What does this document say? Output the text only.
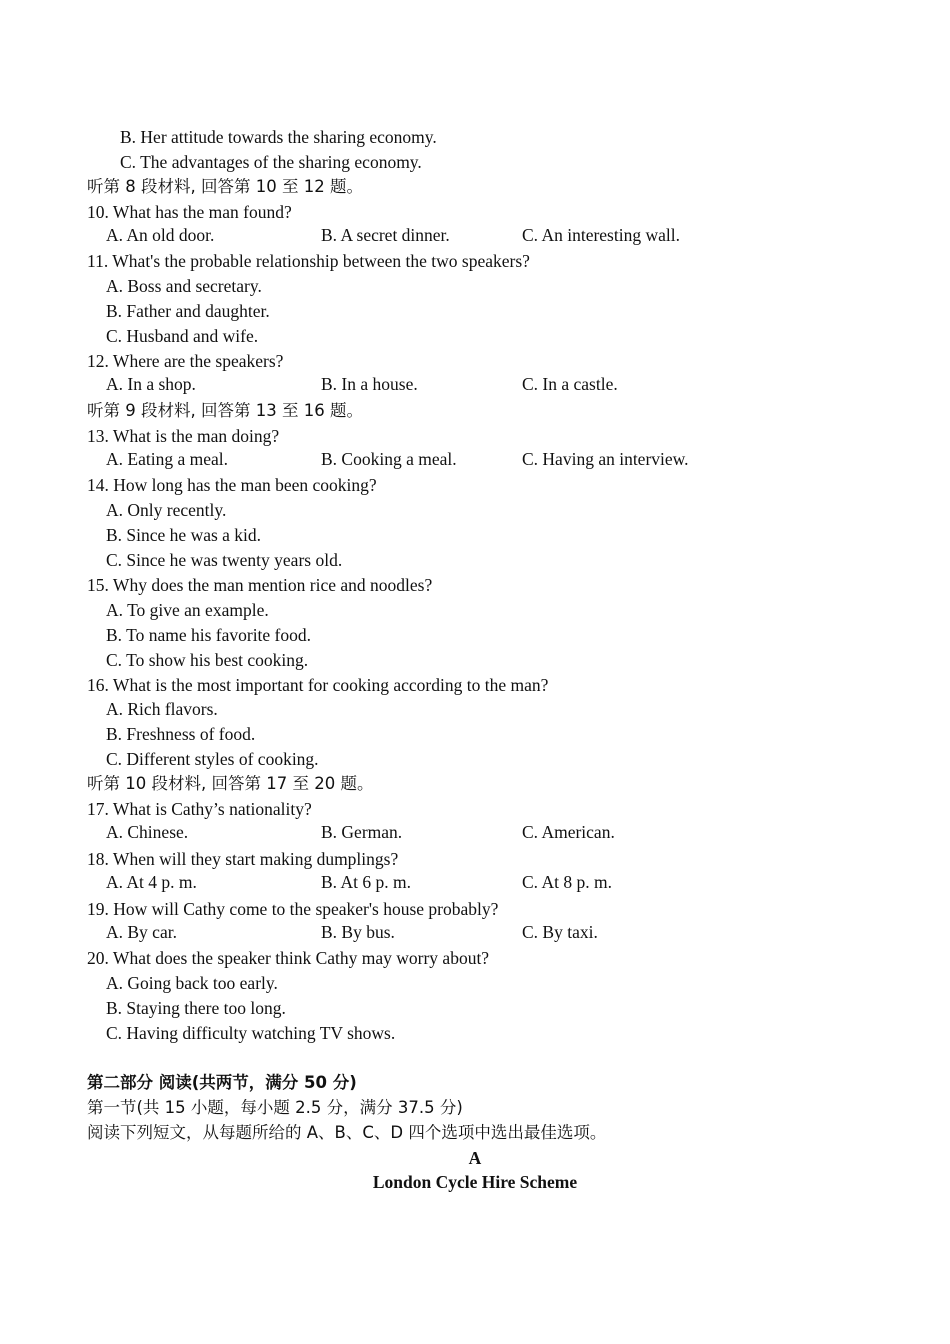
B. Her attitude towards the sharing economy.
C. The advantages of the sharing economy.
听第 8 段材料, 回答第 10 至 12 题。
10. What has the man found?
A. An old door.	B. A secret dinner.	C. An interesting wall.
11. What's the probable relationship between the two speakers?
A. Boss and secretary.
B. Father and daughter.
C. Husband and wife.
12. Where are the speakers?
A. In a shop.	B. In a house.	C. In a castle.
听第 9 段材料, 回答第 13 至 16 题。
13. What is the man doing?
A. Eating a meal.	B. Cooking a meal.	C. Having an interview.
14. How long has the man been cooking?
A. Only recently.
B. Since he was a kid.
C. Since he was twenty years old.
15. Why does the man mention rice and noodles?
A. To give an example.
B. To name his favorite food.
C. To show his best cooking.
16. What is the most important for cooking according to the man?
A. Rich flavors.
B. Freshness of food.
C. Different styles of cooking.
听第 10 段材料, 回答第 17 至 20 题。
17. What is Cathy’s nationality?
A. Chinese.	B. German.	C. American.
18. When will they start making dumplings?
A. At 4 p. m.	B. At 6 p. m.	C. At 8 p. m.
19. How will Cathy come to the speaker's house probably?
A. By car.	B. By bus.	C. By taxi.
20. What does the speaker think Cathy may worry about?
A. Going back too early.
B. Staying there too long.
C. Having difficulty watching TV shows.
第二部分 阅读(共两节，满分 50 分)
第一节(共 15 小题，每小题 2.5 分，满分 37.5 分)
阅读下列短文，从每题所给的 A、B、C、D 四个选项中选出最佳选项。
A
London Cycle Hire Scheme
